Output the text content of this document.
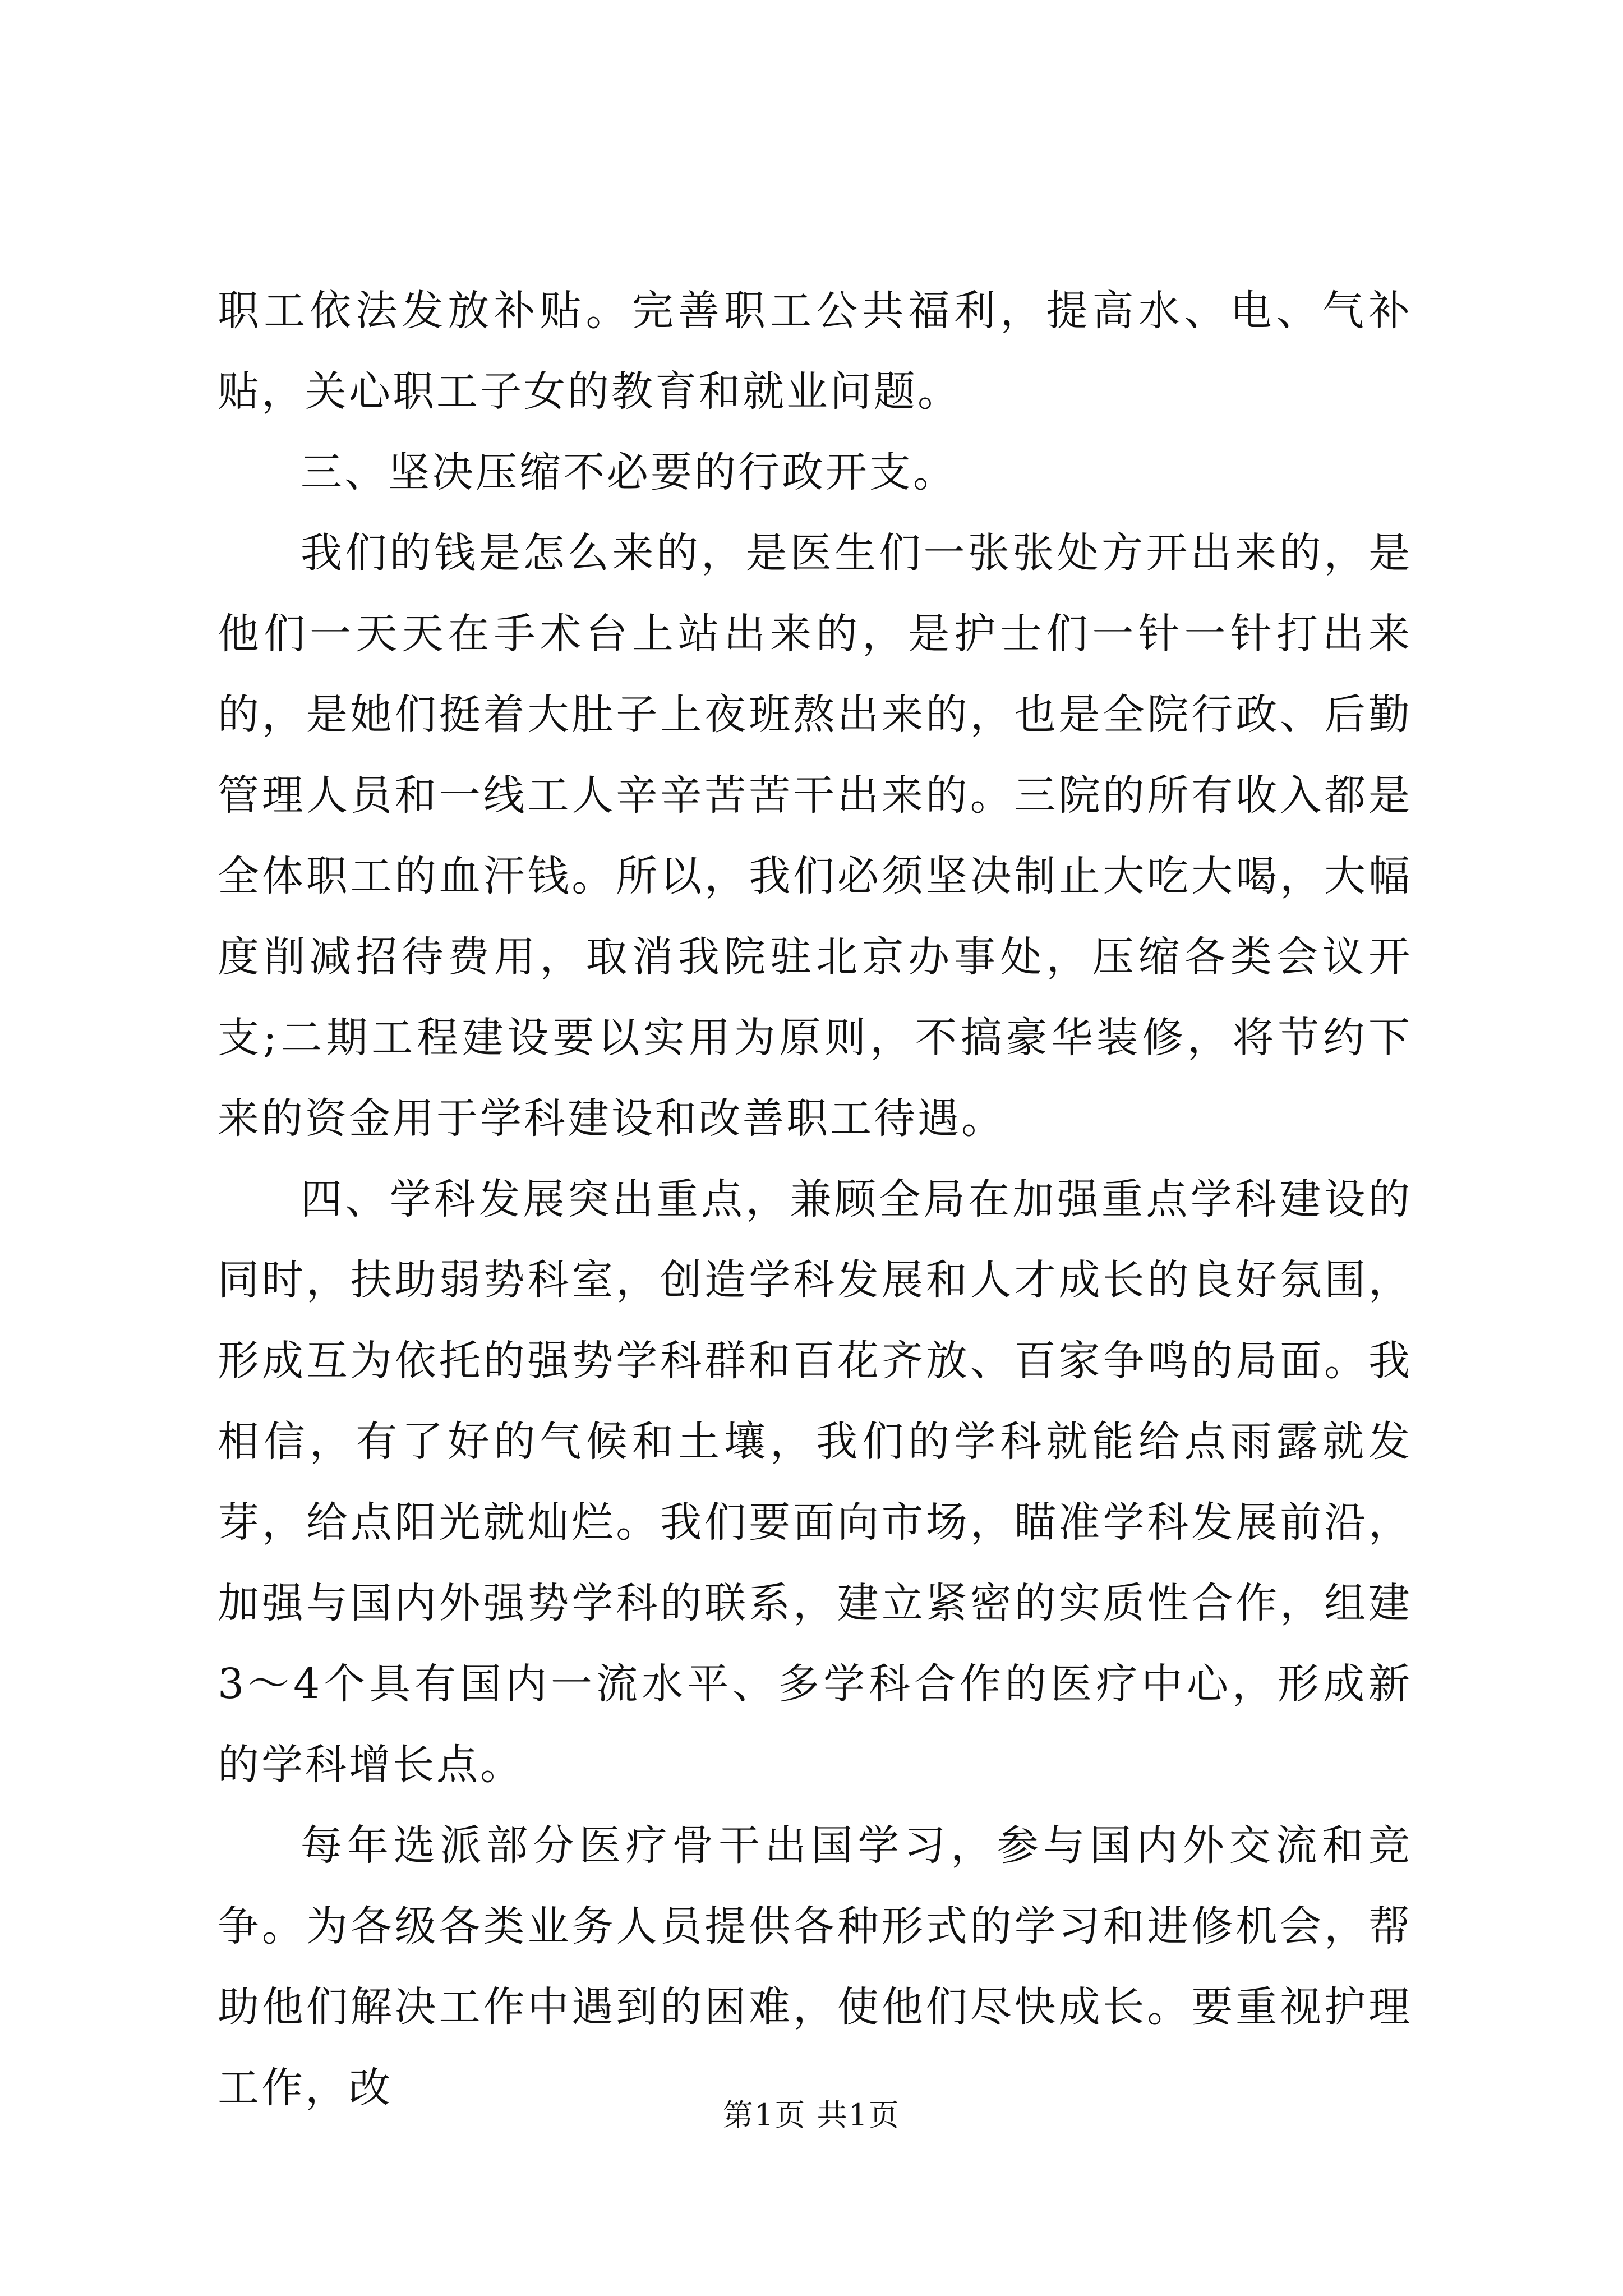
职工依法发放补贴。完善职工公共福利，提高水、电、气补贴，关心职工子女的教育和就业问题。

三、坚决压缩不必要的行政开支。

我们的钱是怎么来的，是医生们一张张处方开出来的，是他们一天天在手术台上站出来的，是护士们一针一针打出来的，是她们挺着大肚子上夜班熬出来的，也是全院行政、后勤管理人员和一线工人辛辛苦苦干出来的。三院的所有收入都是全体职工的血汗钱。所以，我们必须坚决制止大吃大喝，大幅度削减招待费用，取消我院驻北京办事处，压缩各类会议开支;二期工程建设要以实用为原则，不搞豪华装修，将节约下来的资金用于学科建设和改善职工待遇。

四、学科发展突出重点，兼顾全局在加强重点学科建设的同时，扶助弱势科室，创造学科发展和人才成长的良好氛围，形成互为依托的强势学科群和百花齐放、百家争鸣的局面。我相信，有了好的气候和土壤，我们的学科就能给点雨露就发芽，给点阳光就灿烂。我们要面向市场，瞄准学科发展前沿，加强与国内外强势学科的联系，建立紧密的实质性合作，组建3～4个具有国内一流水平、多学科合作的医疗中心，形成新的学科增长点。

每年选派部分医疗骨干出国学习，参与国内外交流和竞争。为各级各类业务人员提供各种形式的学习和进修机会，帮助他们解决工作中遇到的困难，使他们尽快成长。要重视护理工作，改

第1页 共1页
